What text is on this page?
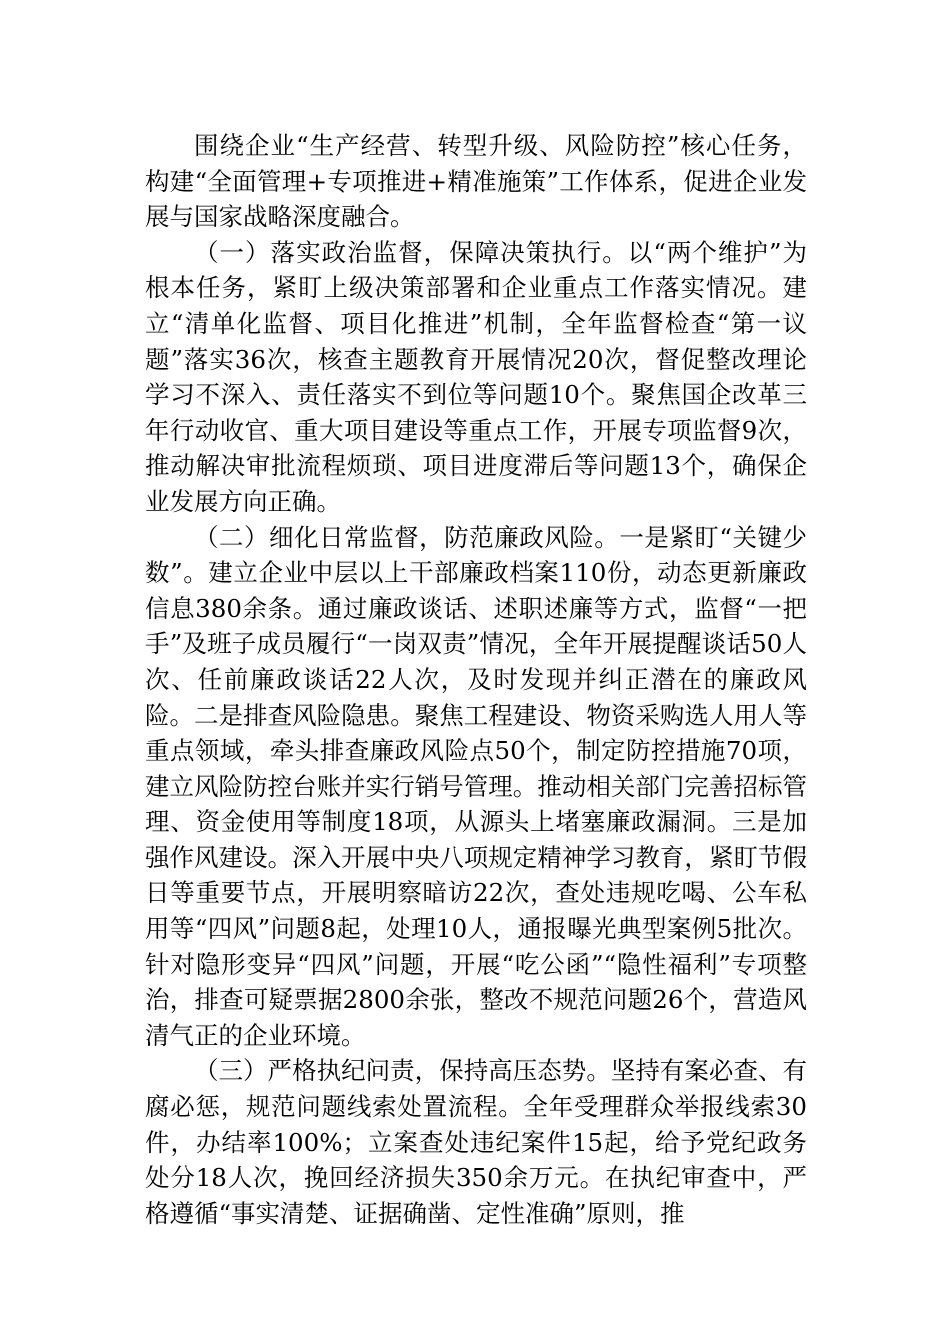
围绕企业“生产经营、转型升级、风险防控”核心任务，构建“全面管理+专项推进+精准施策”工作体系，促进企业发展与国家战略深度融合。

（一）落实政治监督，保障决策执行。以“两个维护”为根本任务，紧盯上级决策部署和企业重点工作落实情况。建立“清单化监督、项目化推进”机制，全年监督检查“第一议题”落实36次，核查主题教育开展情况20次，督促整改理论学习不深入、责任落实不到位等问题10个。聚焦国企改革三年行动收官、重大项目建设等重点工作，开展专项监督9次，推动解决审批流程烦琐、项目进度滞后等问题13个，确保企业发展方向正确。

（二）细化日常监督，防范廉政风险。一是紧盯“关键少数”。建立企业中层以上干部廉政档案110份，动态更新廉政信息380余条。通过廉政谈话、述职述廉等方式，监督“一把手”及班子成员履行“一岗双责”情况，全年开展提醒谈话50人次、任前廉政谈话22人次，及时发现并纠正潜在的廉政风险。二是排查风险隐患。聚焦工程建设、物资采购选人用人等重点领域，牵头排查廉政风险点50个，制定防控措施70项，建立风险防控台账并实行销号管理。推动相关部门完善招标管理、资金使用等制度18项，从源头上堵塞廉政漏洞。三是加强作风建设。深入开展中央八项规定精神学习教育，紧盯节假日等重要节点，开展明察暗访22次，查处违规吃喝、公车私用等“四风”问题8起，处理10人，通报曝光典型案例5批次。针对隐形变异“四风”问题，开展“吃公函”“隐性福利”专项整治，排查可疑票据2800余张，整改不规范问题26个，营造风清气正的企业环境。

（三）严格执纪问责，保持高压态势。坚持有案必查、有腐必惩，规范问题线索处置流程。全年受理群众举报线索30件，办结率100%；立案查处违纪案件15起，给予党纪政务处分18人次，挽回经济损失350余万元。在执纪审查中，严格遵循“事实清楚、证据确凿、定性准确”原则，推
